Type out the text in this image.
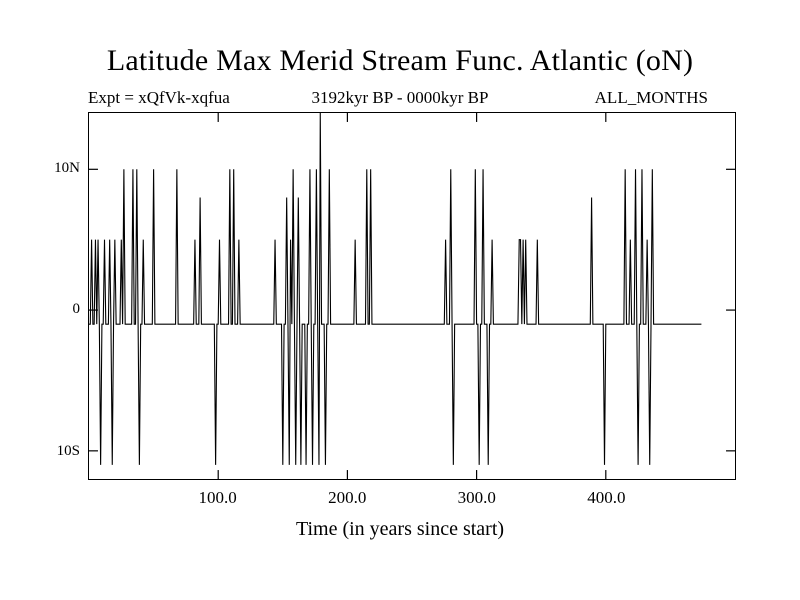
Latitude Max Merid Stream Func. Atlantic (oN)
Expt = xQfVk-xqfua	3192kyr BP - 0000kyr BP	ALL_MONTHS
Time (in years since start)
10S
0
10N
100.0	200.0	300.0	400.0
